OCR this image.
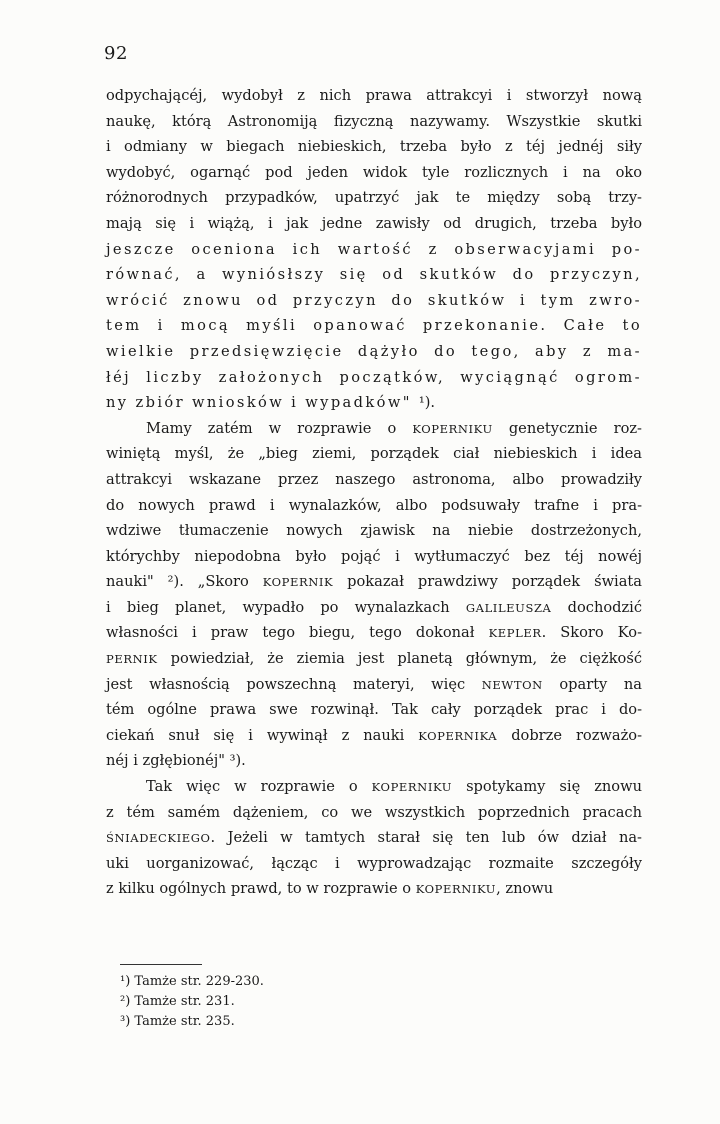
92
odpychającéj, wydobył z nich prawa attrakcyi i stworzył nową
naukę, którą Astronomiją fizyczną nazywamy. Wszystkie skutki
i odmiany w biegach niebieskich, trzeba było z téj jednéj siły
wydobyć, ogarnąć pod jeden widok tyle rozlicznych i na oko
różnorodnych przypadków, upatrzyć jak te między sobą trzy-
mają się i wiążą, i jak jedne zawisły od drugich, trzeba było
jeszcze oceniona ich wartość z obserwacyjami po-
równać, a wyniósłszy się od skutków do przyczyn,
wrócić znowu od przyczyn do skutków i tym zwro-
tem i mocą myśli opanować przekonanie. Całe to
wielkie przedsięwzięcie dążyło do tego, aby z ma-
łéj liczby założonych początków, wyciągnąć ogrom-
ny zbiór wniosków i wypadków" ¹).
Mamy zatém w rozprawie o KOPERNIKU genetycznie roz-
winiętą myśl, że „bieg ziemi, porządek ciał niebieskich i idea
attrakcyi wskazane przez naszego astronoma, albo prowadziły
do nowych prawd i wynalazków, albo podsuwały trafne i pra-
wdziwe tłumaczenie nowych zjawisk na niebie dostrzeżonych,
którychby niepodobna było pojąć i wytłumaczyć bez téj nowéj
nauki" ²). „Skoro KOPERNIK pokazał prawdziwy porządek świata
i bieg planet, wypadło po wynalazkach GALILEUSZA dochodzić
własności i praw tego biegu, tego dokonał KEPLER. Skoro Ko-
PERNIK powiedział, że ziemia jest planetą głównym, że ciężkość
jest własnością powszechną materyi, więc NEWTON oparty na
tém ogólne prawa swe rozwinął. Tak cały porządek prac i do-
ciekań snuł się i wywinął z nauki KOPERNIKA dobrze rozważo-
néj i zgłębionéj" ³).
Tak więc w rozprawie o KOPERNIKU spotykamy się znowu
z tém samém dążeniem, co we wszystkich poprzednich pracach
ŚNIADECKIEGO. Jeżeli w tamtych starał się ten lub ów dział na-
uki uorganizować, łącząc i wyprowadzając rozmaite szczegóły
z kilku ogólnych prawd, to w rozprawie o KOPERNIKU, znowu
¹) Tamże str. 229-230.
²) Tamże str. 231.
³) Tamże str. 235.
